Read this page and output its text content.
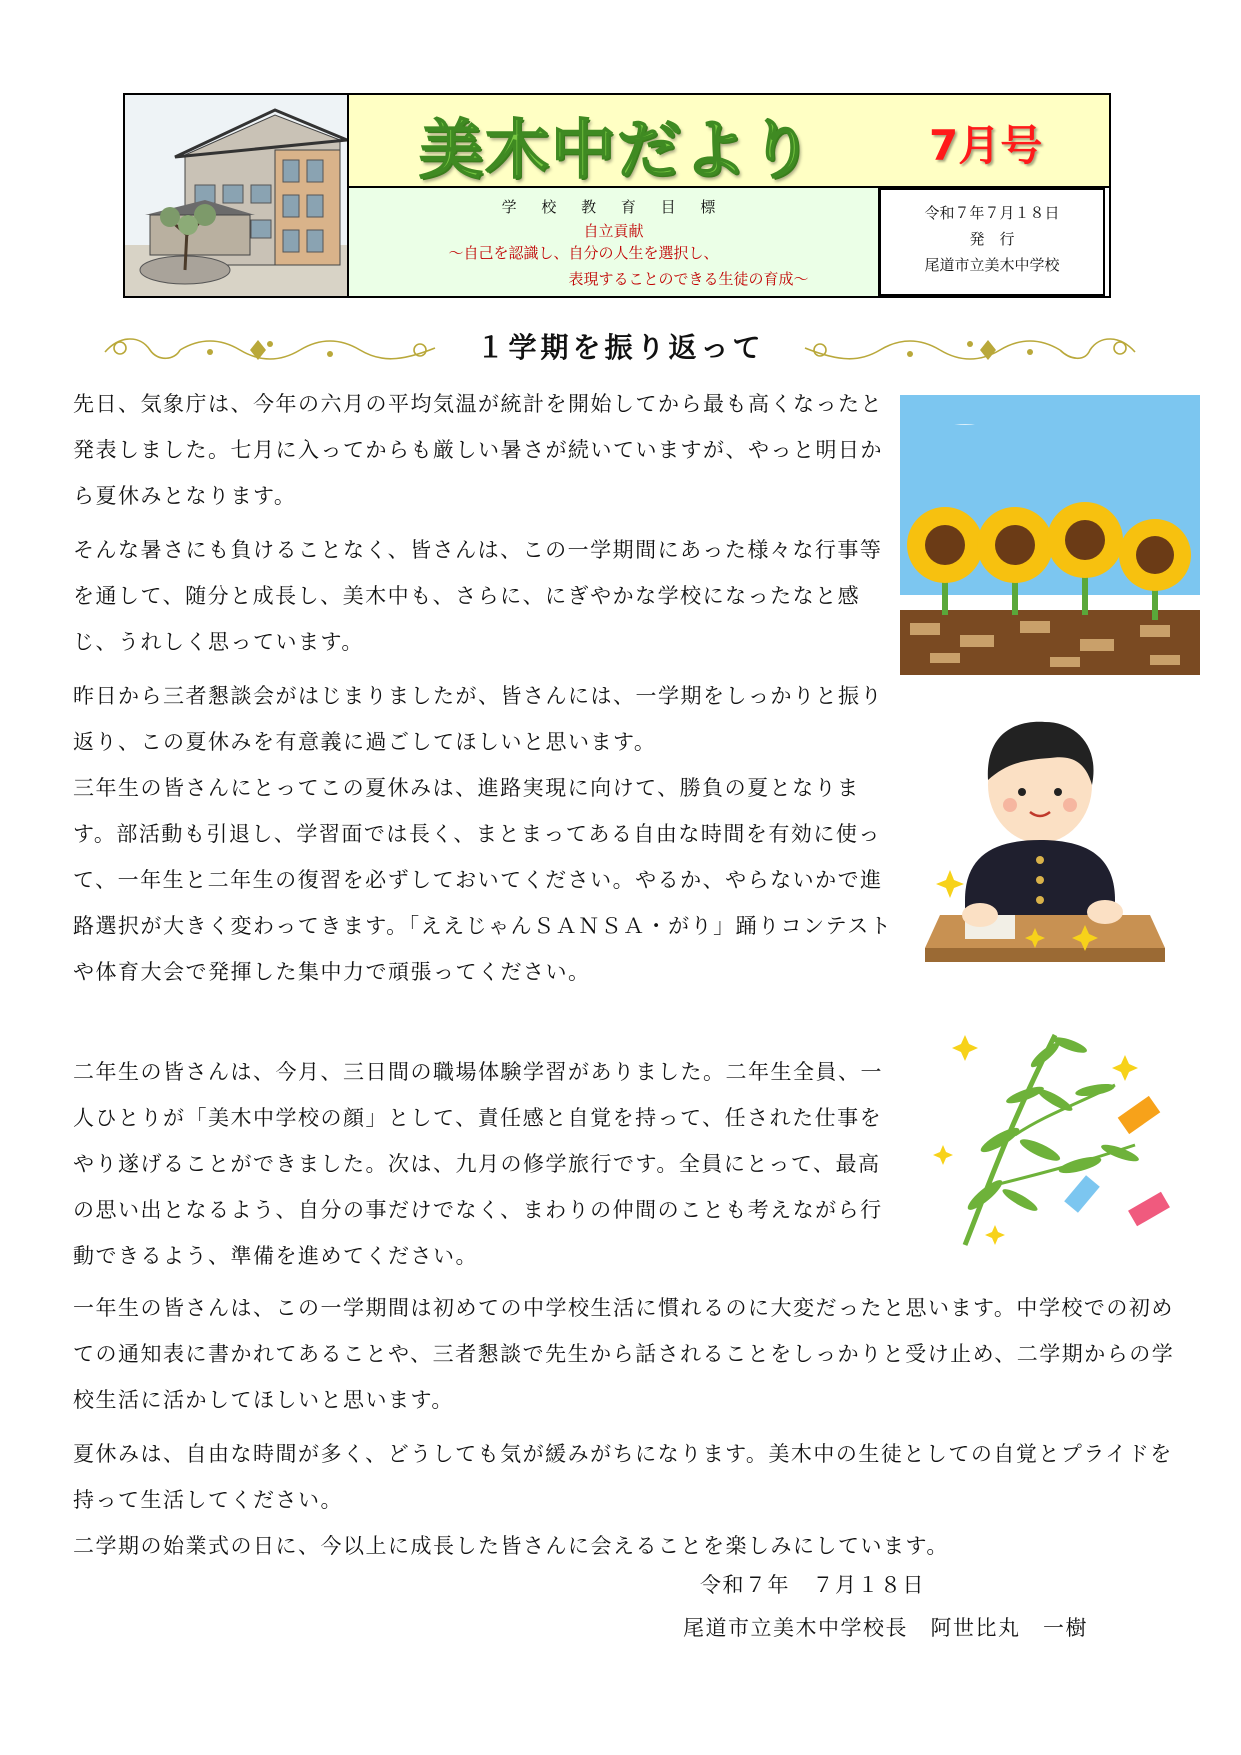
美木中だより	7月号
学 校 教 育 目 標
自立貢献
～自己を認識し、自分の人生を選択し、
表現することのできる生徒の育成～
令和７年７月１８日
発　行
尾道市立美木中学校
１学期を振り返って

先日、気象庁は、今年の六月の平均気温が統計を開始してから最も高くなったと発表しました。七月に入ってからも厳しい暑さが続いていますが、やっと明日から夏休みとなります。

そんな暑さにも負けることなく、皆さんは、この一学期間にあった様々な行事等を通して、随分と成長し、美木中も、さらに、にぎやかな学校になったなと感じ、うれしく思っています。

昨日から三者懇談会がはじまりましたが、皆さんには、一学期をしっかりと振り返り、この夏休みを有意義に過ごしてほしいと思います。

三年生の皆さんにとってこの夏休みは、進路実現に向けて、勝負の夏となります。部活動も引退し、学習面では長く、まとまってある自由な時間を有効に使って、一年生と二年生の復習を必ずしておいてください。やるか、やらないかで進路選択が大きく変わってきます。「ええじゃんＳＡＮＳＡ・がり」踊りコンテストや体育大会で発揮した集中力で頑張ってください。

二年生の皆さんは、今月、三日間の職場体験学習がありました。二年生全員、一人ひとりが「美木中学校の顔」として、責任感と自覚を持って、任された仕事をやり遂げることができました。次は、九月の修学旅行です。全員にとって、最高の思い出となるよう、自分の事だけでなく、まわりの仲間のことも考えながら行動できるよう、準備を進めてください。

一年生の皆さんは、この一学期間は初めての中学校生活に慣れるのに大変だったと思います。中学校での初めての通知表に書かれてあることや、三者懇談で先生から話されることをしっかりと受け止め、二学期からの学校生活に活かしてほしいと思います。

夏休みは、自由な時間が多く、どうしても気が緩みがちになります。美木中の生徒としての自覚とプライドを持って生活してください。

二学期の始業式の日に、今以上に成長した皆さんに会えることを楽しみにしています。

令和７年　７月１８日
尾道市立美木中学校長　阿世比丸　一樹
